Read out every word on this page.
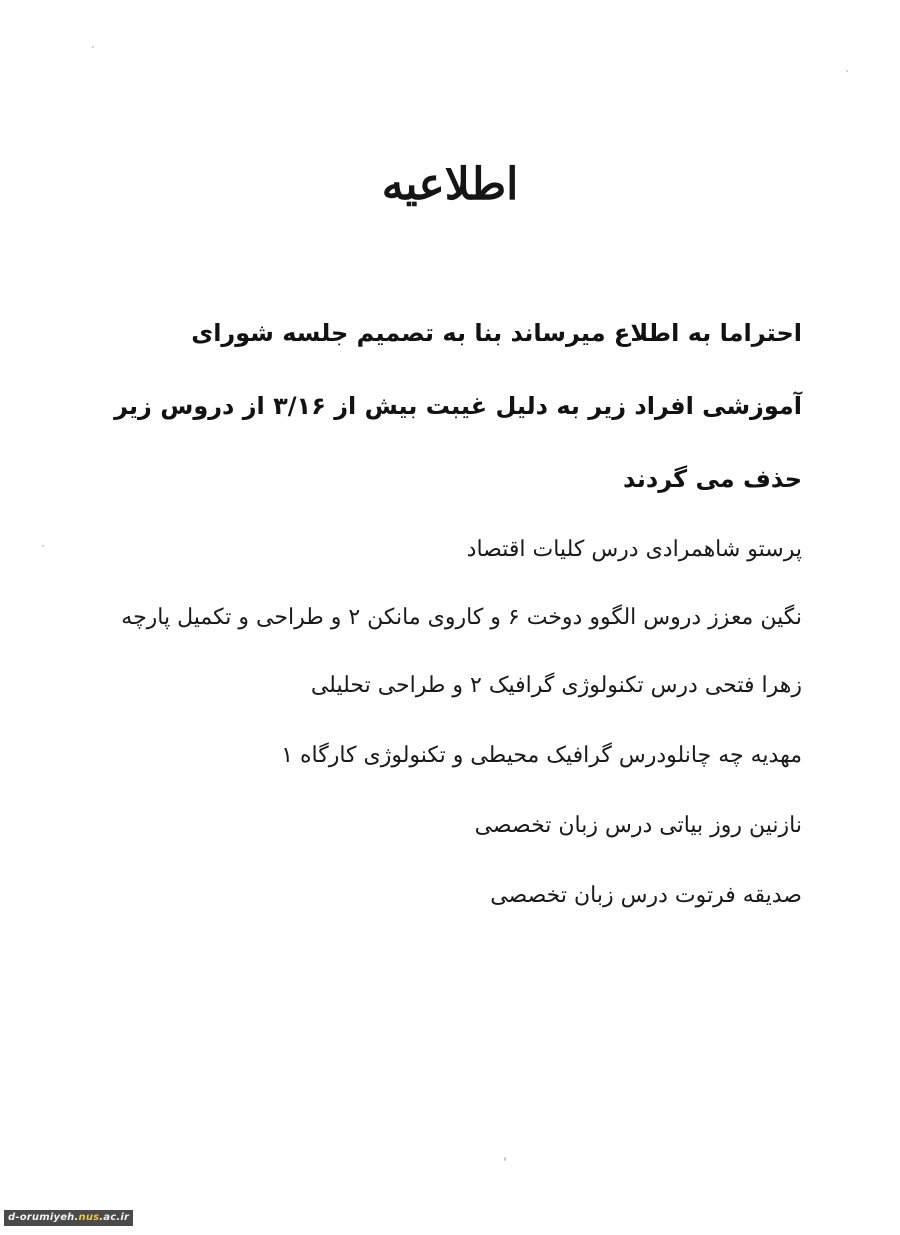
اطلاعیه

احتراما به اطلاع میرساند بنا به تصمیم جلسه شورای آموزشی افراد زیر به دلیل غیبت بیش از ۳/۱۶ از دروس زیر حذف می گردند

پرستو شاهمرادی درس کلیات اقتصاد
نگین معزز دروس الگوو دوخت ۶ و کاروی مانکن ۲ و طراحی و تکمیل پارچه
زهرا فتحی درس تکنولوژی گرافیک ۲ و طراحی تحلیلی
مهدیه چه چانلودرس گرافیک محیطی و تکنولوژی کارگاه ۱
نازنین روز بیاتی درس زبان تخصصی
صدیقه فرتوت درس زبان تخصصی
d-orumiyeh.nus.ac.ir
